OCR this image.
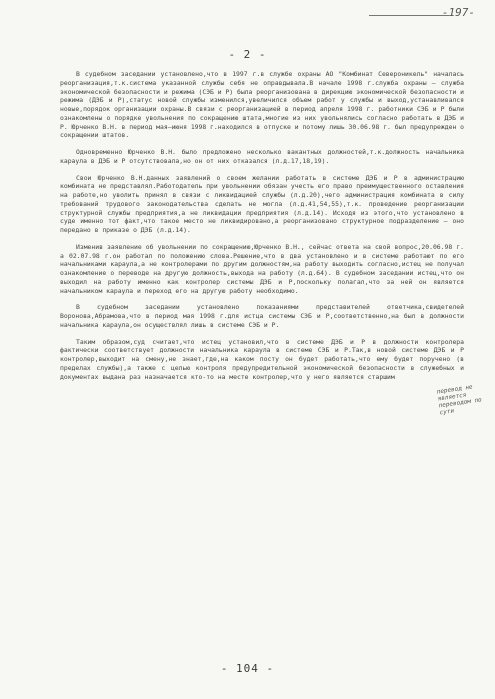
-197-
- 2 -

В судебном заседании установлено,что в 1997 г.в службе охраны АО "Комбинат Североникель" началась реорганизация,т.к.система указанной службы себя не оправдывала.В начале 1998 г.служба охраны – служба экономической безопасности и режима (СЭБ и Р) была реорганизована в дирекцию экономической безопасности и режима (ДЭБ и Р),статус новой службы изменился,увеличился объем работ у службы и выход,устанавливался новые,порядок организации охраны.В связи с реорганизацией в период апреля 1998 г. работники СЭБ и Р были ознакомлены о порядке увольнения по сокращению штата,многие из них увольнялись согласно работать в ДЭБ и Р. Юрченко В.Н. в период мая–июня 1998 г.находился в отпуске и потому лишь 30.06.98 г. был предупрежден о сокращении штатов.

Одновременно Юрченко В.Н. было предложено несколько вакантных должностей,т.к.должность начальника караула в ДЭБ и Р отсутствовала,но он от них отказался (л.д.17,18,19).

Свои Юрченко В.Н.данных заявлений о своем желании работать в системе ДЭБ и Р в администрацию комбината не представлял.Работодатель при увольнении обязан учесть его право преимущественного оставления на работе,но уволить принял в связи с ликвидацией службы (л.д.20),чего администрация комбината в силу требований трудового законодательства сделать не могла (л.д.41,54,55),т.к. проведение реорганизации структурной службы предприятия,а не ликвидации предприятия (л.д.14). Исходя из этого,что установлено в суде именно тот факт,что такое место не ликвидировано,а реорганизовано структурное подразделение – оно передано в приказе о ДЭБ (л.д.14).

Изменив заявление об увольнении по сокращению,Юрченко В.Н., сейчас ответа на свой вопрос,20.06.98 г. а 02.07.98 г.он работал по положению слова.Решение,что в два установлено и в системе работают по его начальниками караула,а не контролерами по другим должностям,на работу выходить согласно,истец не получал ознакомление о переводе на другую должность,выхода на работу (л.д.64). В судебном заседании истец,что он выходил на работу именно как контролер системы ДЭБ и Р,поскольку полагал,что за ней он является начальником караула и переход его на другую работу необходимо.

В судебном заседании установлено показаниями представителей ответчика,свидетелей Воронова,Абрамова,что в период мая 1998 г.для истца системы СЭБ и Р,соответственно,на был в должности начальника караула,он осуществлял лишь в системе СЭБ и Р.

Таким образом,суд считает,что истец установил,что в системе ДЭБ и Р в должности контролера фактически соответствует должности начальника караула в системе СЭБ и Р.Так,в новой системе ДЭБ и Р контролер,выходит на смену,не знает,где,на каком посту он будет работать,что ему будет поручено (в пределах службы),а также с целью контроля предупредительной экономической безопасности в служебных и документах выдана раз назначается кто-то на месте контролер,что у него является старшим

перевод не является переводом по сути
- 104 -
